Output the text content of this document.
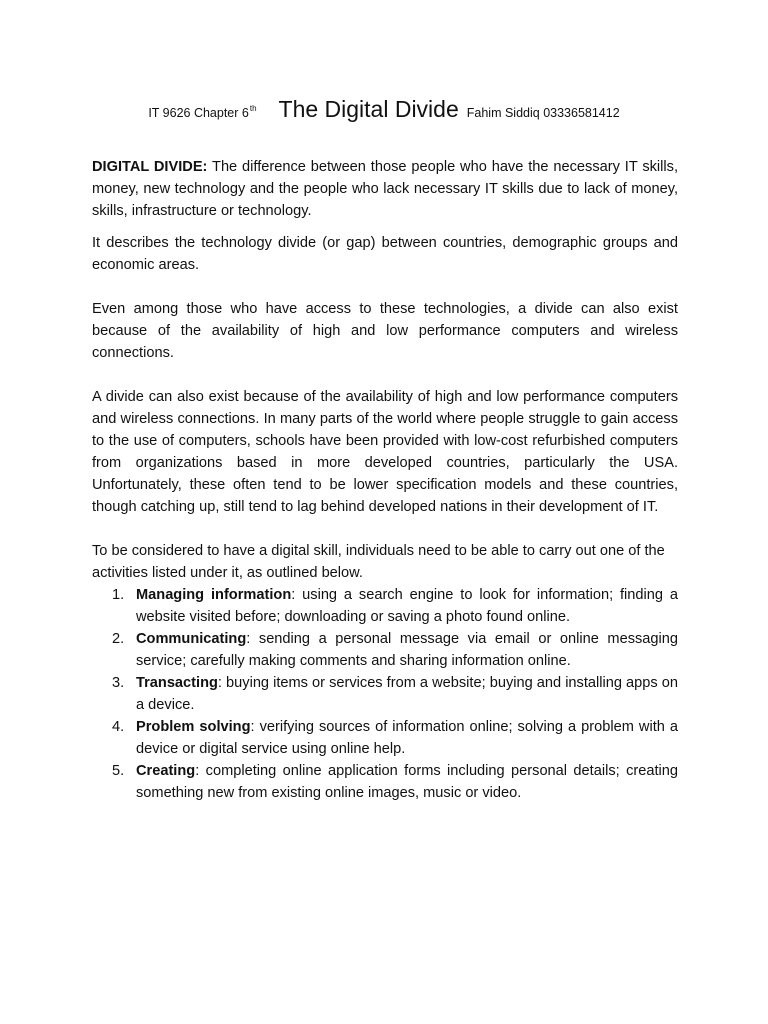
IT 9626 Chapter 6th The Digital Divide Fahim Siddiq 03336581412

DIGITAL DIVIDE: The difference between those people who have the necessary IT skills, money, new technology and the people who lack necessary IT skills due to lack of money, skills, infrastructure or technology.

It describes the technology divide (or gap) between countries, demographic groups and economic areas.

Even among those who have access to these technologies, a divide can also exist because of the availability of high and low performance computers and wireless connections.

A divide can also exist because of the availability of high and low performance computers and wireless connections. In many parts of the world where people struggle to gain access to the use of computers, schools have been provided with low-cost refurbished computers from organizations based in more developed countries, particularly the USA. Unfortunately, these often tend to be lower specification models and these countries, though catching up, still tend to lag behind developed nations in their development of IT.

To be considered to have a digital skill, individuals need to be able to carry out one of the activities listed under it, as outlined below.

1. Managing information: using a search engine to look for information; finding a website visited before; downloading or saving a photo found online.
2. Communicating: sending a personal message via email or online messaging service; carefully making comments and sharing information online.
3. Transacting: buying items or services from a website; buying and installing apps on a device.
4. Problem solving: verifying sources of information online; solving a problem with a device or digital service using online help.
5. Creating: completing online application forms including personal details; creating something new from existing online images, music or video.
